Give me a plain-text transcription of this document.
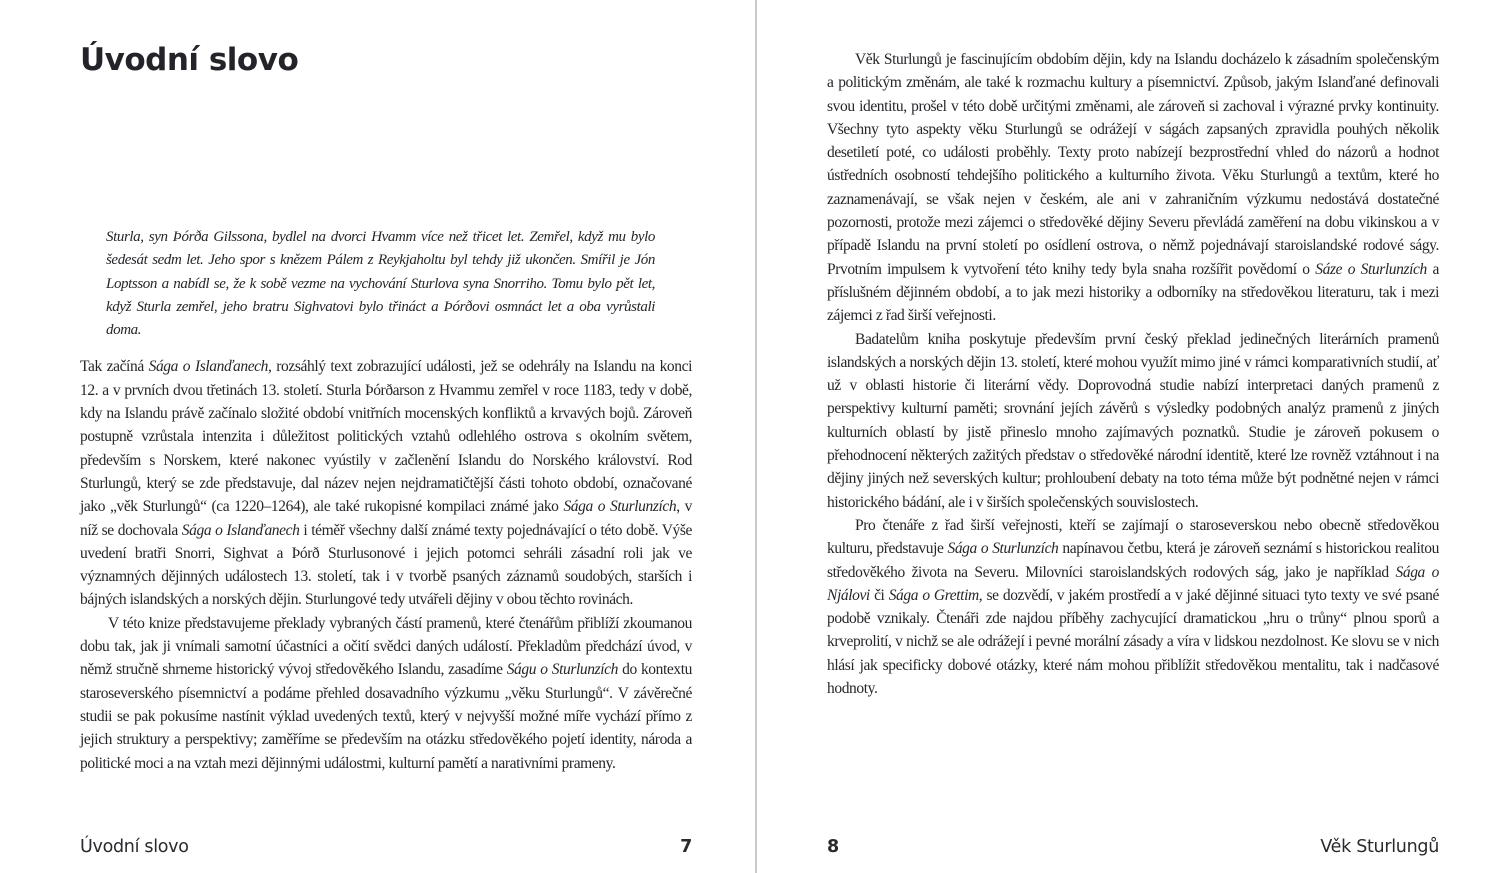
Úvodní slovo
Sturla, syn Þórða Gilssona, bydlel na dvorci Hvamm více než třicet let. Zemřel, když mu bylo šedesát sedm let. Jeho spor s knězem Pálem z Reykjaholtu byl tehdy již ukončen. Smířil je Jón Loptsson a nabídl se, že k sobě vezme na vychování Sturlova syna Snorriho. Tomu bylo pět let, když Sturla zemřel, jeho bratru Sighvatovi bylo třináct a Þórðovi osmnáct let a oba vyrůstali doma.

Tak začíná Sága o Islanďanech, rozsáhlý text zobrazující události, jež se odehrály na Islandu na konci 12. a v prvních dvou třetinách 13. století. Sturla Þórðarson z Hvammu zemřel v roce 1183, tedy v době, kdy na Islandu právě začínalo složité období vnitřních mocenských konfliktů a krvavých bojů. Zároveň postupně vzrůstala intenzita i důležitost politických vztahů odlehlého ostrova s okolním světem, především s Norskem, které nakonec vyústily v začlenění Islandu do Norského království. Rod Sturlungů, který se zde představuje, dal název nejen nejdramatičtější části tohoto období, označované jako „věk Sturlungů“ (ca 1220–1264), ale také rukopisné kompilaci známé jako Sága o Sturlunzích, v níž se dochovala Sága o Islanďanech i téměř všechny další známé texty pojednávající o této době. Výše uvedení bratři Snorri, Sighvat a Þórð Sturlusonové i jejich potomci sehráli zásadní roli jak ve významných dějinných událostech 13. století, tak i v tvorbě psaných záznamů soudobých, starších i bájných islandských a norských dějin. Sturlungové tedy utvářeli dějiny v obou těchto rovinách.

V této knize představujeme překlady vybraných částí pramenů, které čtenářům přiblíží zkoumanou dobu tak, jak ji vnímali samotní účastníci a očití svědci daných událostí. Překladům předchází úvod, v němž stručně shrneme historický vývoj středověkého Islandu, zasadíme Ságu o Sturlunzích do kontextu staroseverského písemnictví a podáme přehled dosavadního výzkumu „věku Sturlungů“. V závěrečné studii se pak pokusíme nastínit výklad uvedených textů, který v nejvyšší možné míře vychází přímo z jejich struktury a perspektivy; zaměříme se především na otázku středověkého pojetí identity, národa a politické moci a na vztah mezi dějinnými událostmi, kulturní pamětí a narativními prameny.

Úvodní slovo	7

Věk Sturlungů je fascinujícím obdobím dějin, kdy na Islandu docházelo k zásadním společenským a politickým změnám, ale také k rozmachu kultury a písemnictví. Způsob, jakým Islanďané definovali svou identitu, prošel v této době určitými změnami, ale zároveň si zachoval i výrazné prvky kontinuity. Všechny tyto aspekty věku Sturlungů se odrážejí v ságách zapsaných zpravidla pouhých několik desetiletí poté, co události proběhly. Texty proto nabízejí bezprostřední vhled do názorů a hodnot ústředních osobností tehdejšího politického a kulturního života. Věku Sturlungů a textům, které ho zaznamenávají, se však nejen v českém, ale ani v zahraničním výzkumu nedostává dostatečné pozornosti, protože mezi zájemci o středověké dějiny Severu převládá zaměření na dobu vikinskou a v případě Islandu na první století po osídlení ostrova, o němž pojednávají staroislandské rodové ságy. Prvotním impulsem k vytvoření této knihy tedy byla snaha rozšířit povědomí o Sáze o Sturlunzích a příslušném dějinném období, a to jak mezi historiky a odborníky na středověkou literaturu, tak i mezi zájemci z řad širší veřejnosti.

Badatelům kniha poskytuje především první český překlad jedinečných literárních pramenů islandských a norských dějin 13. století, které mohou využít mimo jiné v rámci komparativních studií, ať už v oblasti historie či literární vědy. Doprovodná studie nabízí interpretaci daných pramenů z perspektivy kulturní paměti; srovnání jejích závěrů s výsledky podobných analýz pramenů z jiných kulturních oblastí by jistě přineslo mnoho zajímavých poznatků. Studie je zároveň pokusem o přehodnocení některých zažitých představ o středověké národní identitě, které lze rovněž vztáhnout i na dějiny jiných než severských kultur; prohloubení debaty na toto téma může být podnětné nejen v rámci historického bádání, ale i v širších společenských souvislostech.

Pro čtenáře z řad širší veřejnosti, kteří se zajímají o staroseverskou nebo obecně středověkou kulturu, představuje Sága o Sturlunzích napínavou četbu, která je zároveň seznámí s historickou realitou středověkého života na Severu. Milovníci staroislandských rodových ság, jako je například Sága o Njálovi či Sága o Grettim, se dozvědí, v jakém prostředí a v jaké dějinné situaci tyto texty ve své psané podobě vznikaly. Čtenáři zde najdou příběhy zachycující dramatickou „hru o trůny“ plnou sporů a krveprolití, v nichž se ale odrážejí i pevné morální zásady a víra v lidskou nezdolnost. Ke slovu se v nich hlásí jak specificky dobové otázky, které nám mohou přiblížit středověkou mentalitu, tak i nadčasové hodnoty.

8	Věk Sturlungů
